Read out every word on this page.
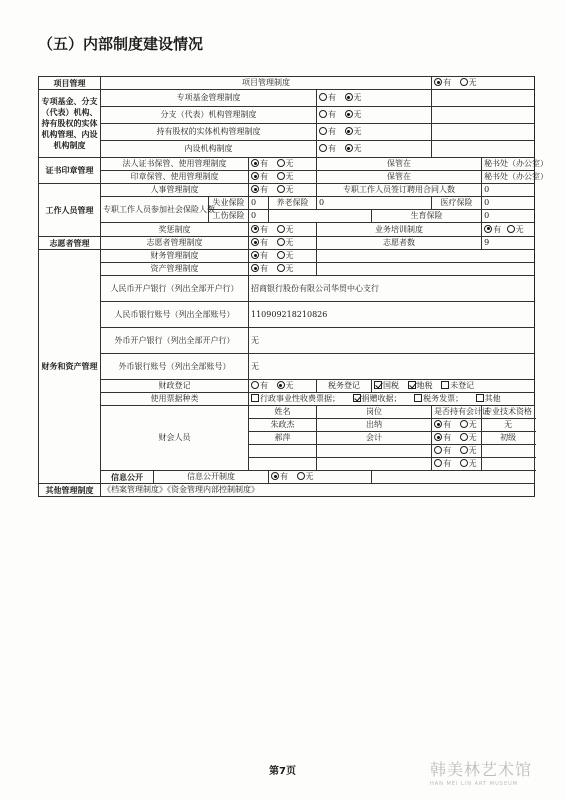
（五）内部制度建设情况
项目管理	项目管理制度							有 无	
专项基金、分支（代表）机构、持有股权的实体机构管理、内设机构制度	专项基金管理制度					有 无			
	分支（代表）机构管理制度					有 无			
	持有股权的实体机构管理制度					有 无			
	内设机构制度					有 无			
证书印章管理	法人证书保管、使用管理制度			有 无		保管在			秘书处（办公室）
	印章保管、使用管理制度			有 无		保管在			秘书处（办公室）
工作人员管理	人事管理制度			有 无		专职工作人员签订聘用合同人数			0
	专职工作人员参加社会保险人数		失业保险	0	养老保险	0		医疗保险	0
			工伤保险	0			生育保险		0
	奖惩制度			有 无		业务培训制度			有 无
志愿者管理	志愿者管理制度			有 无		志愿者数			9
财务和资产管理	财务管理制度			有 无					
	资产管理制度			有 无					
	人民币开户银行（列出全部开户行）			招商银行股份有限公司华贸中心支行					
	人民币银行账号（列出全部账号）			110909218210826					
	外币开户银行（列出全部开户行）			无					
	外币银行账号（列出全部账号）			无					
	财政登记			有 无		税务登记	国税 地税 未登记		
	使用票据种类			行政事业性收费票据； 捐赠收据； 税务发票； 其他					
	财会人员			姓名		岗位		是否持有会计证	专业技术资格
				朱政杰		出纳		有 无	无
				郝萍		会计		有 无	初级
								有 无	
								有 无	
	信息公开	信息公开制度			有 无				
其他管理制度	《档案管理制度》《资金管理内部控制制度》								
第7页	韩美林艺术馆
HAN MEI LIN ART MUSEUM
